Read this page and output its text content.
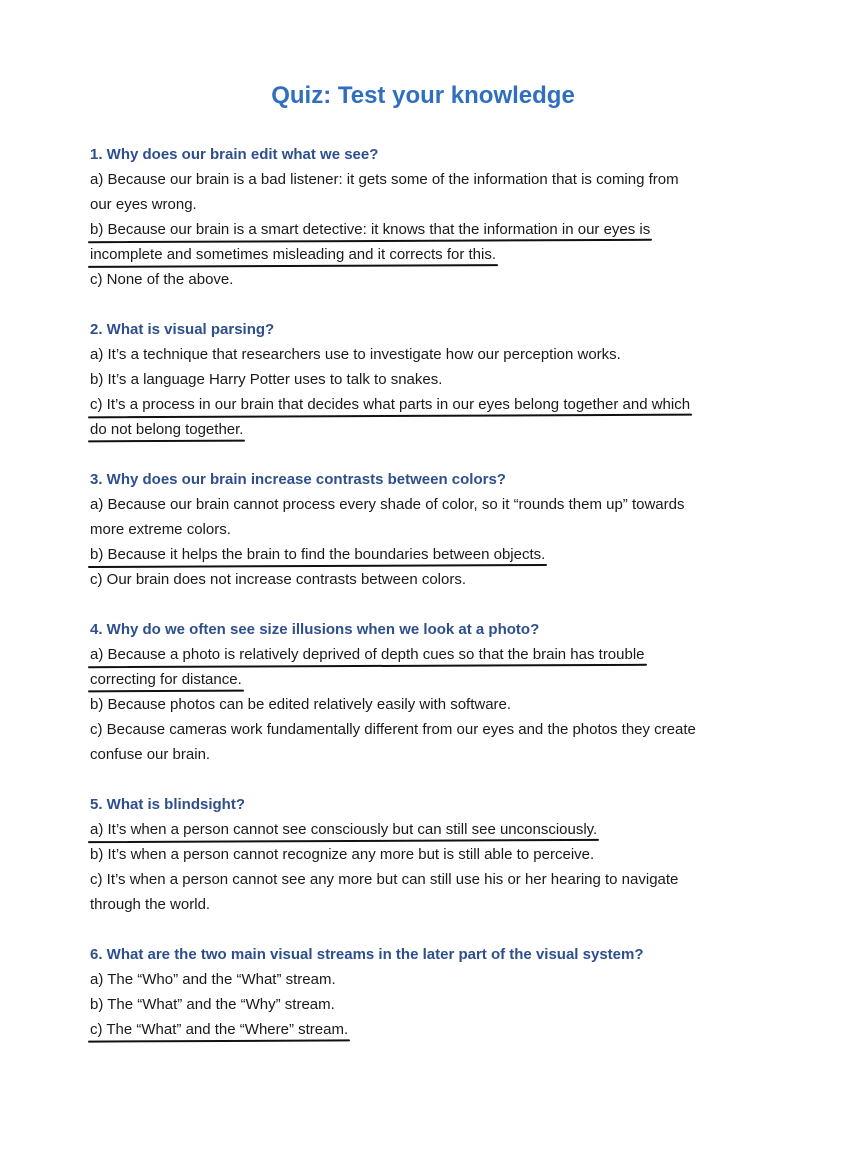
Quiz: Test your knowledge

1. Why does our brain edit what we see?

a) Because our brain is a bad listener: it gets some of the information that is coming from
our eyes wrong.

b) Because our brain is a smart detective: it knows that the information in our eyes is
incomplete and sometimes misleading and it corrects for this.

c) None of the above.

2. What is visual parsing?

a) It’s a technique that researchers use to investigate how our perception works.

b) It’s a language Harry Potter uses to talk to snakes.

c) It’s a process in our brain that decides what parts in our eyes belong together and which
do not belong together.

3. Why does our brain increase contrasts between colors?

a) Because our brain cannot process every shade of color, so it “rounds them up” towards
more extreme colors.

b) Because it helps the brain to find the boundaries between objects.

c) Our brain does not increase contrasts between colors.

4. Why do we often see size illusions when we look at a photo?

a) Because a photo is relatively deprived of depth cues so that the brain has trouble
correcting for distance.

b) Because photos can be edited relatively easily with software.

c) Because cameras work fundamentally different from our eyes and the photos they create
confuse our brain.

5. What is blindsight?

a) It’s when a person cannot see consciously but can still see unconsciously.

b) It’s when a person cannot recognize any more but is still able to perceive.

c) It’s when a person cannot see any more but can still use his or her hearing to navigate
through the world.

6. What are the two main visual streams in the later part of the visual system?

a) The “Who” and the “What” stream.

b) The “What” and the “Why” stream.

c) The “What” and the “Where” stream.
